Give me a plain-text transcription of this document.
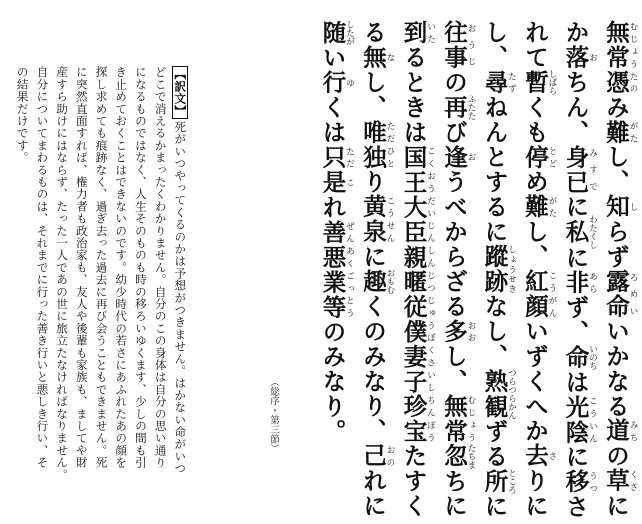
無常むじょう憑たのみ難がたし、知しらず露命ろめいいかなる道みちの草くさに
か落おちん、身已みすでに私わたくしに非あらず、命いのちは光陰こういんに移うつさ
れて暫しばらくも停とどめ難がたし、紅顔こうがんいずくへか去さりに
し、尋たずねんとするに蹤跡しょうせきなし、熟観つらつらかんずる所ところに
往事おうじの再ふたたび逢おうべからざる多おおし、無常むじょう忽たちまちに
到いたるときは国王大臣親暱従僕妻子珍宝こくおうだいじんしんじつじゅうぼくさいしちんぽうたすく
る無なし、唯独ただひとり黄泉こうせんに趣おもむくのみなり、己おのれに
随したがい行ゆくは只ただ是これ善悪業等ぜんあくごっとうのみなり。
（総序・第三節）
【訳文】死がいつやってくるのかは予想がつきません。はかない命がいつ
どこで消えるかまったくわかりません。自分のこの身体は自分の思い通り
になるものではなく、人生そのものも時の移ろいゆくます、少しの間も引
き止めておくことはできないのです。幼少時代の若さにあふれたあの顔を
探し求めても痕跡なく、過ぎ去った過去に再び会うこともできません。死
に突然直面すれば、権力者も政治家も、友人や後輩も家族も、ましてや財
産すら助けにはならず、たった一人であの世に旅立たなければなりません。
自分についてまわるものは、それまでに行った善き行いと悪しき行い、そ
の結果だけです。
